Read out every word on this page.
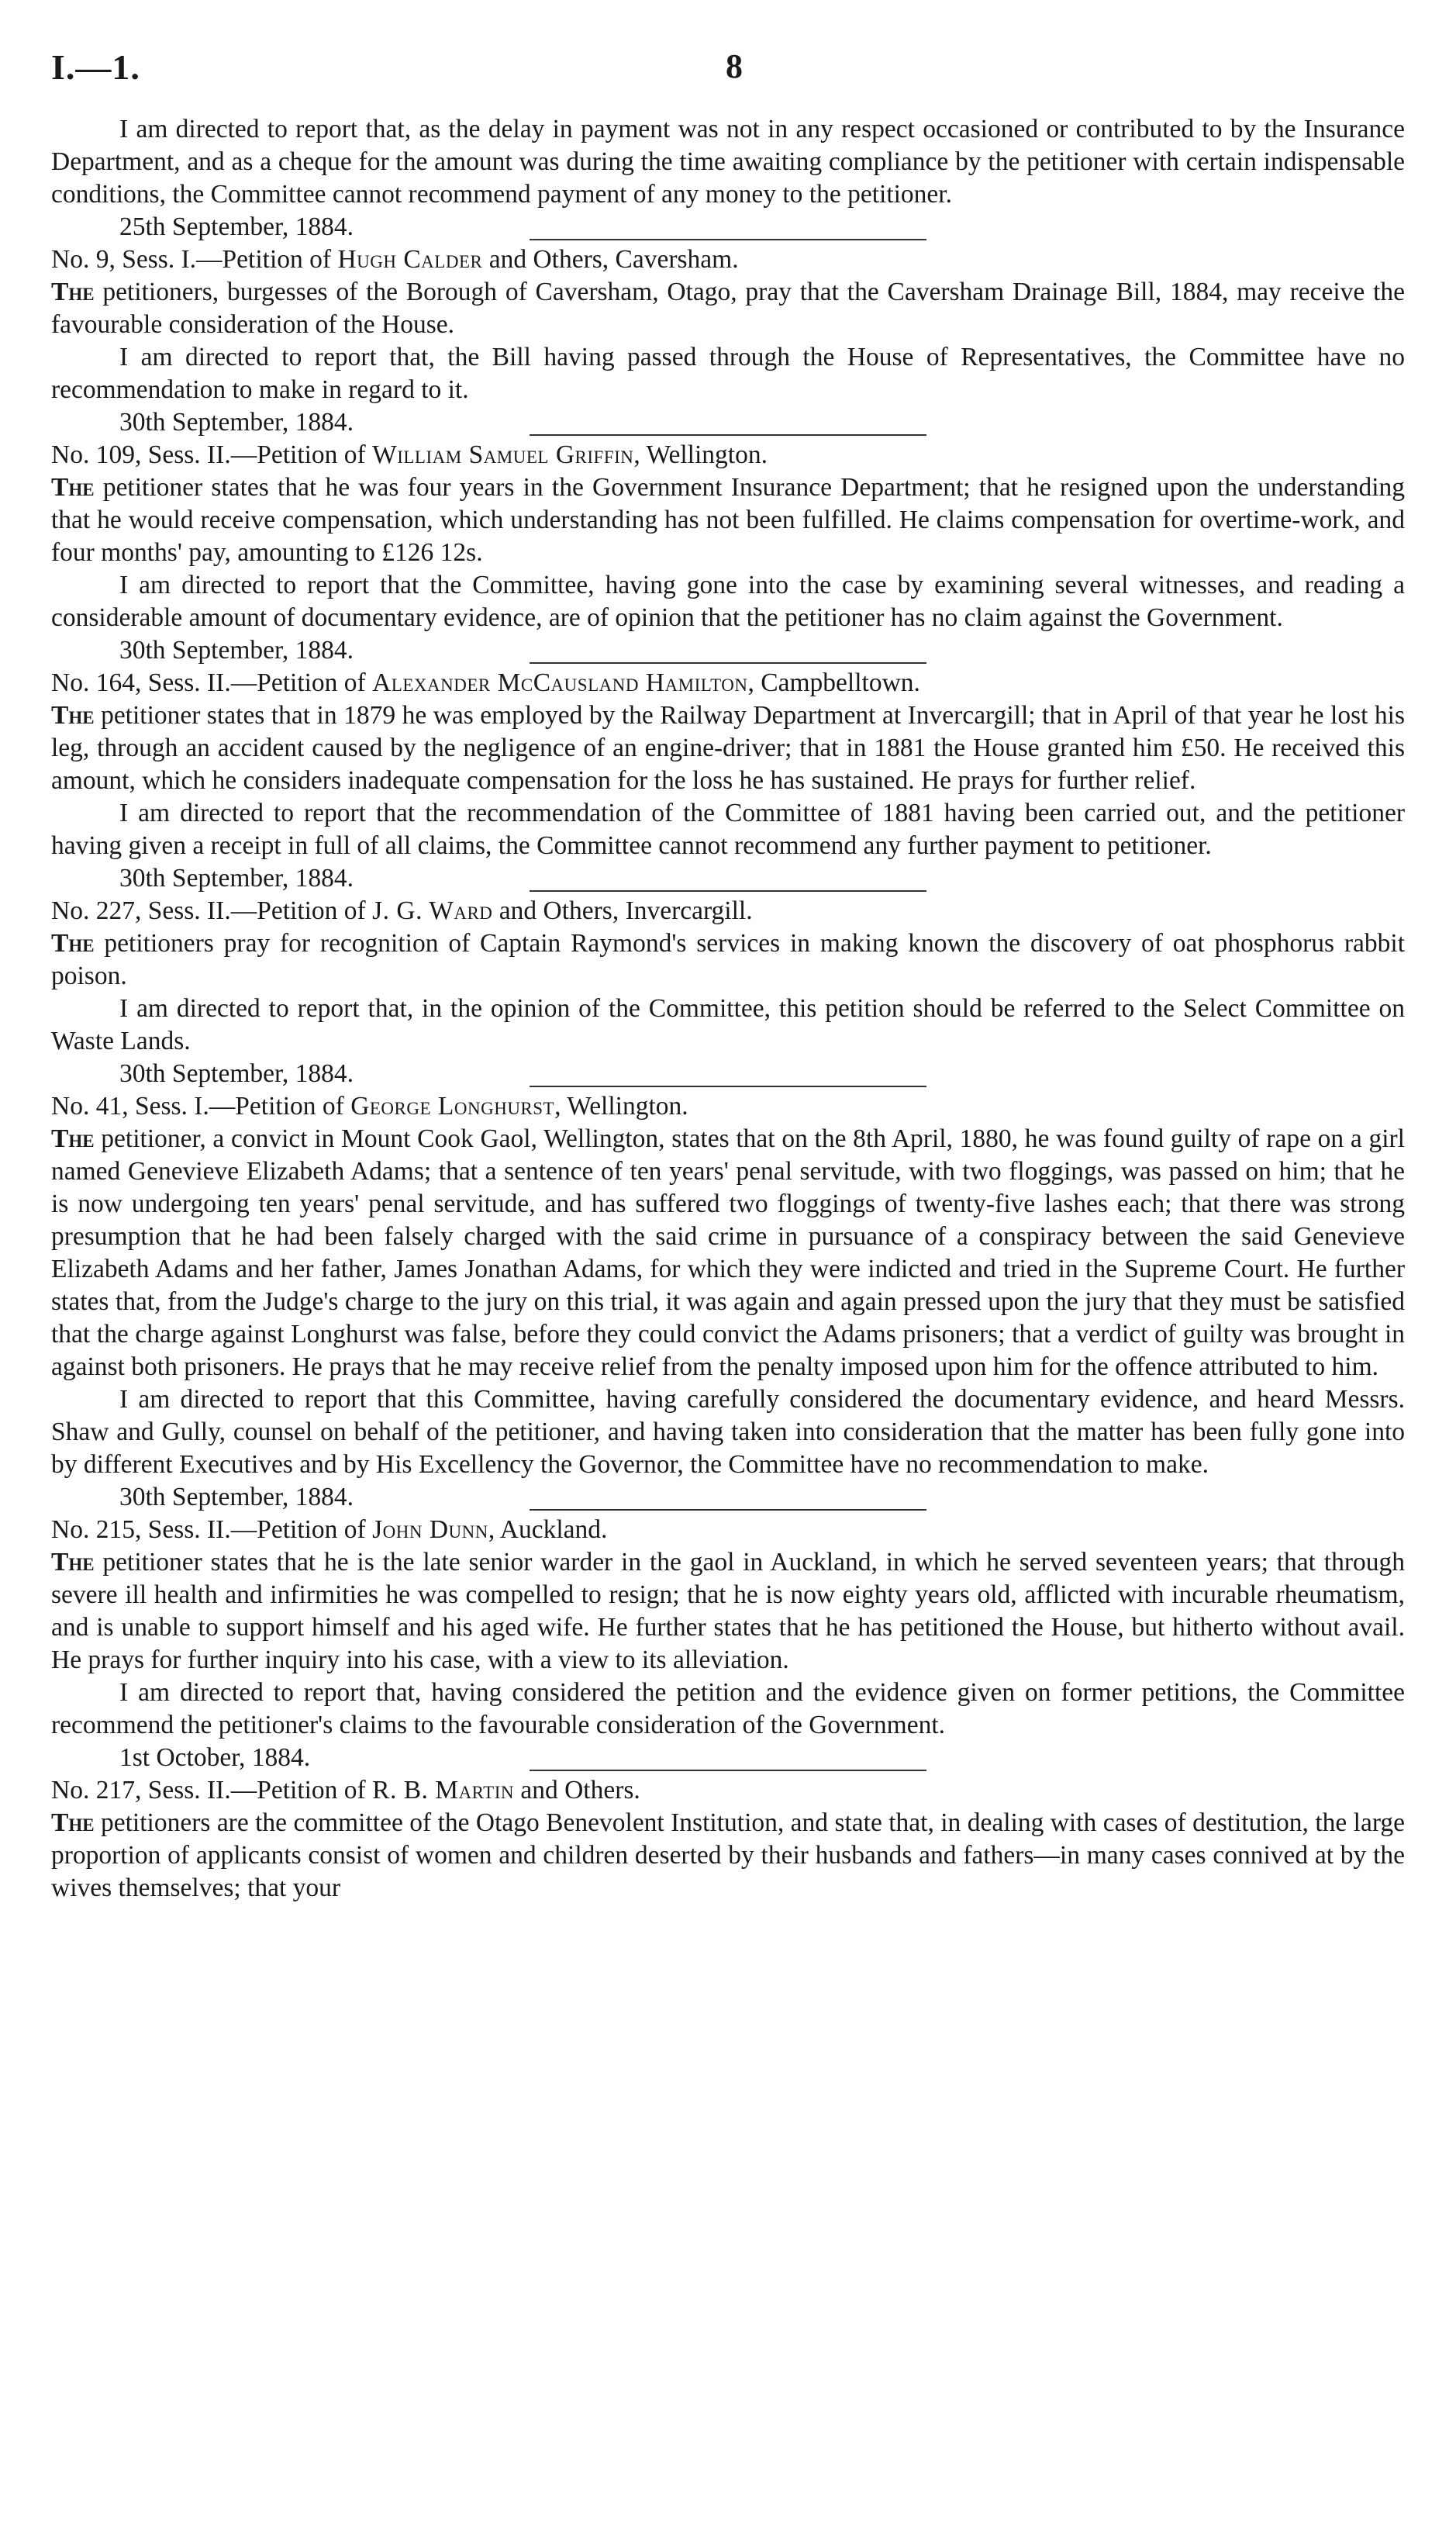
I.—1.	8

I am directed to report that, as the delay in payment was not in any respect occasioned or contributed to by the Insurance Department, and as a cheque for the amount was during the time awaiting compliance by the petitioner with certain indispensable conditions, the Committee cannot recommend payment of any money to the petitioner.

25th September, 1884.

No. 9, Sess. I.—Petition of Hugh Calder and Others, Caversham.

The petitioners, burgesses of the Borough of Caversham, Otago, pray that the Caversham Drainage Bill, 1884, may receive the favourable consideration of the House.

I am directed to report that, the Bill having passed through the House of Representatives, the Committee have no recommendation to make in regard to it.

30th September, 1884.

No. 109, Sess. II.—Petition of William Samuel Griffin, Wellington.

The petitioner states that he was four years in the Government Insurance Department; that he resigned upon the understanding that he would receive compensation, which understanding has not been fulfilled. He claims compensation for overtime-work, and four months' pay, amounting to £126 12s.

I am directed to report that the Committee, having gone into the case by examining several witnesses, and reading a considerable amount of documentary evidence, are of opinion that the petitioner has no claim against the Government.

30th September, 1884.

No. 164, Sess. II.—Petition of Alexander McCausland Hamilton, Campbelltown.

The petitioner states that in 1879 he was employed by the Railway Department at Invercargill; that in April of that year he lost his leg, through an accident caused by the negligence of an engine-driver; that in 1881 the House granted him £50. He received this amount, which he considers inadequate compensation for the loss he has sustained. He prays for further relief.

I am directed to report that the recommendation of the Committee of 1881 having been carried out, and the petitioner having given a receipt in full of all claims, the Committee cannot recommend any further payment to petitioner.

30th September, 1884.

No. 227, Sess. II.—Petition of J. G. Ward and Others, Invercargill.

The petitioners pray for recognition of Captain Raymond's services in making known the discovery of oat phosphorus rabbit poison.

I am directed to report that, in the opinion of the Committee, this petition should be referred to the Select Committee on Waste Lands.

30th September, 1884.

No. 41, Sess. I.—Petition of George Longhurst, Wellington.

The petitioner, a convict in Mount Cook Gaol, Wellington, states that on the 8th April, 1880, he was found guilty of rape on a girl named Genevieve Elizabeth Adams; that a sentence of ten years' penal servitude, with two floggings, was passed on him; that he is now undergoing ten years' penal servitude, and has suffered two floggings of twenty-five lashes each; that there was strong presumption that he had been falsely charged with the said crime in pursuance of a conspiracy between the said Genevieve Elizabeth Adams and her father, James Jonathan Adams, for which they were indicted and tried in the Supreme Court. He further states that, from the Judge's charge to the jury on this trial, it was again and again pressed upon the jury that they must be satisfied that the charge against Longhurst was false, before they could convict the Adams prisoners; that a verdict of guilty was brought in against both prisoners. He prays that he may receive relief from the penalty imposed upon him for the offence attributed to him.

I am directed to report that this Committee, having carefully considered the documentary evidence, and heard Messrs. Shaw and Gully, counsel on behalf of the petitioner, and having taken into consideration that the matter has been fully gone into by different Executives and by His Excellency the Governor, the Committee have no recommendation to make.

30th September, 1884.

No. 215, Sess. II.—Petition of John Dunn, Auckland.

The petitioner states that he is the late senior warder in the gaol in Auckland, in which he served seventeen years; that through severe ill health and infirmities he was compelled to resign; that he is now eighty years old, afflicted with incurable rheumatism, and is unable to support himself and his aged wife. He further states that he has petitioned the House, but hitherto without avail. He prays for further inquiry into his case, with a view to its alleviation.

I am directed to report that, having considered the petition and the evidence given on former petitions, the Committee recommend the petitioner's claims to the favourable consideration of the Government.

1st October, 1884.

No. 217, Sess. II.—Petition of R. B. Martin and Others.

The petitioners are the committee of the Otago Benevolent Institution, and state that, in dealing with cases of destitution, the large proportion of applicants consist of women and children deserted by their husbands and fathers—in many cases connived at by the wives themselves; that your
